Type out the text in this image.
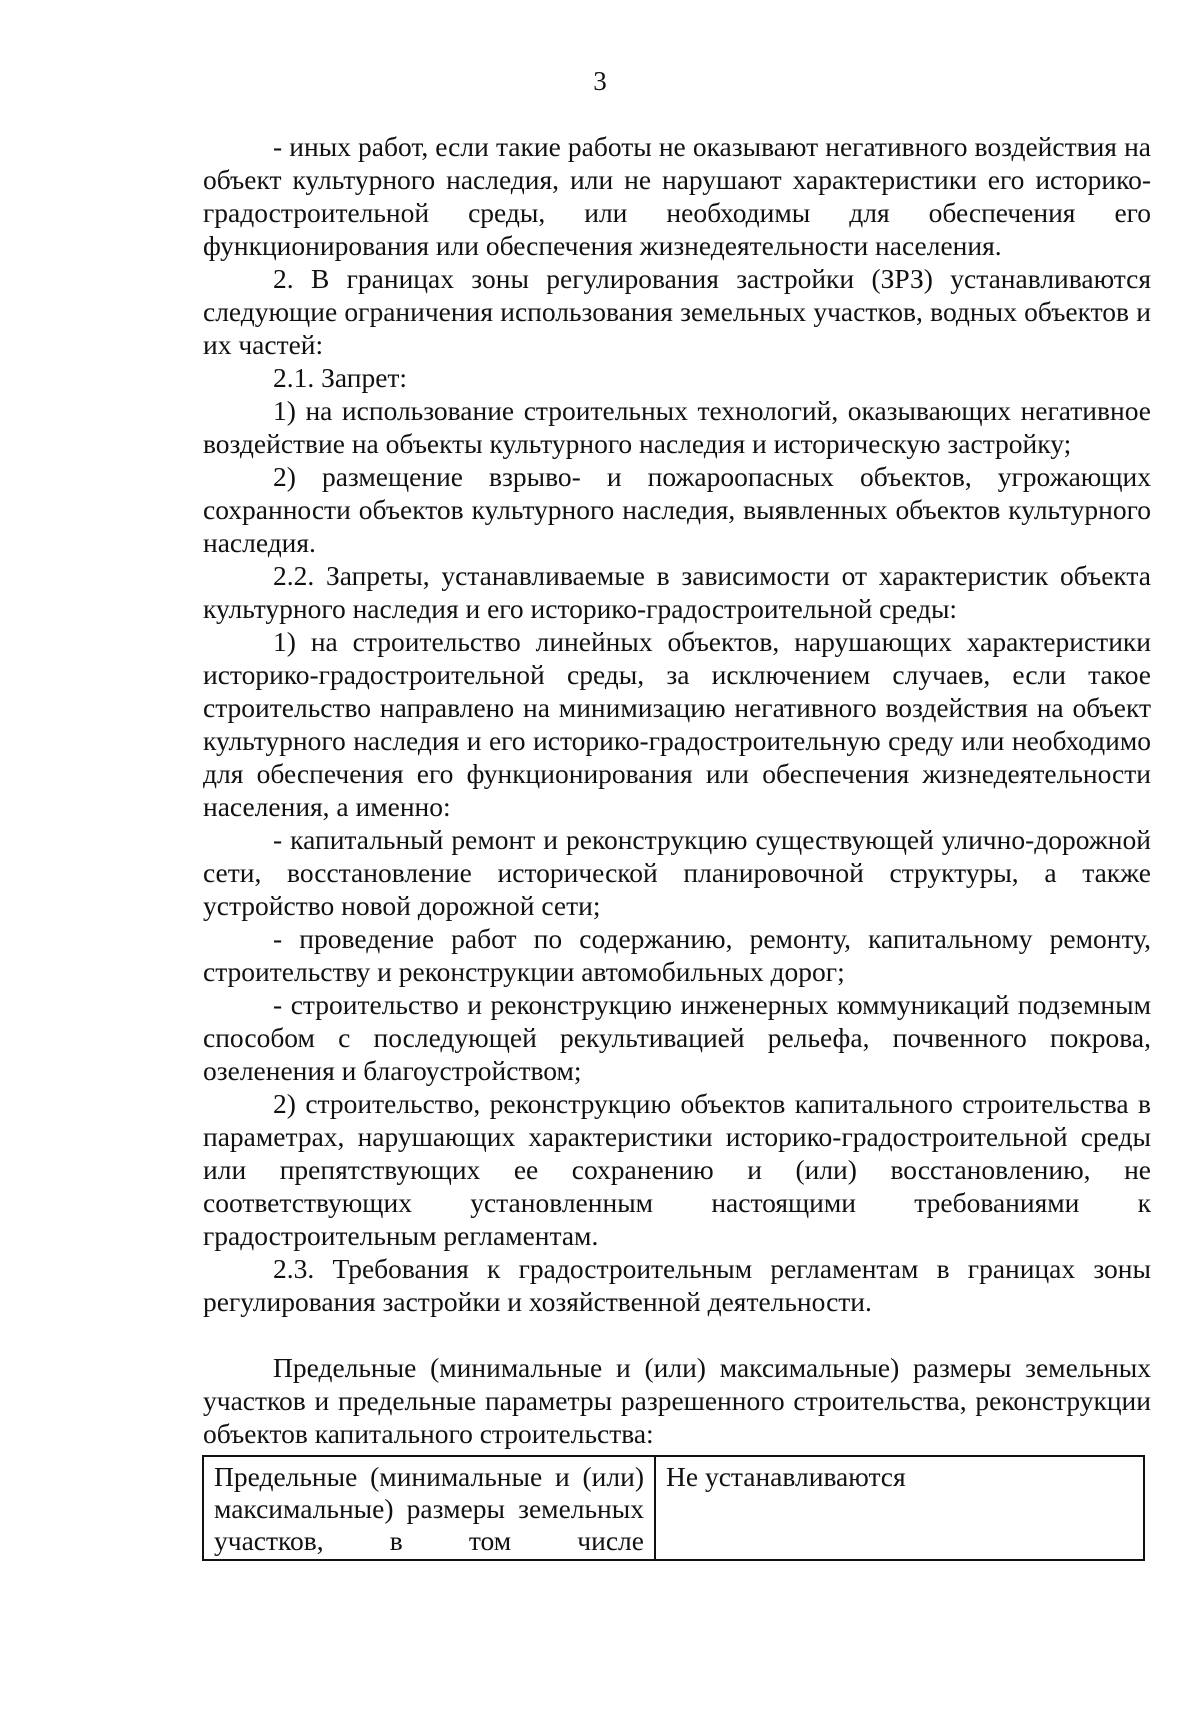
3

- иных работ, если такие работы не оказывают негативного воздействия на объект культурного наследия, или не нарушают характеристики его историко-градостроительной среды, или необходимы для обеспечения его функционирования или обеспечения жизнедеятельности населения.

2. В границах зоны регулирования застройки (ЗРЗ) устанавливаются следующие ограничения использования земельных участков, водных объектов и их частей:

2.1. Запрет:

1) на использование строительных технологий, оказывающих негативное воздействие на объекты культурного наследия и историческую застройку;

2) размещение взрыво- и пожароопасных объектов, угрожающих сохранности объектов культурного наследия, выявленных объектов культурного наследия.

2.2. Запреты, устанавливаемые в зависимости от характеристик объекта культурного наследия и его историко-градостроительной среды:

1) на строительство линейных объектов, нарушающих характеристики историко-градостроительной среды, за исключением случаев, если такое строительство направлено на минимизацию негативного воздействия на объект культурного наследия и его историко-градостроительную среду или необходимо для обеспечения его функционирования или обеспечения жизнедеятельности населения, а именно:

- капитальный ремонт и реконструкцию существующей улично-дорожной сети, восстановление исторической планировочной структуры, а также устройство новой дорожной сети;

- проведение работ по содержанию, ремонту, капитальному ремонту, строительству и реконструкции автомобильных дорог;

- строительство и реконструкцию инженерных коммуникаций подземным способом с последующей рекультивацией рельефа, почвенного покрова, озеленения и благоустройством;

2) строительство, реконструкцию объектов капитального строительства в параметрах, нарушающих характеристики историко-градостроительной среды или препятствующих ее сохранению и (или) восстановлению, не соответствующих установленным настоящими требованиями к градостроительным регламентам.

2.3. Требования к градостроительным регламентам в границах зоны регулирования застройки и хозяйственной деятельности.

Предельные (минимальные и (или) максимальные) размеры земельных участков и предельные параметры разрешенного строительства, реконструкции объектов капитального строительства:

Предельные (минимальные и (или) максимальные) размеры земельных участков, в том числе	Не устанавливаются
